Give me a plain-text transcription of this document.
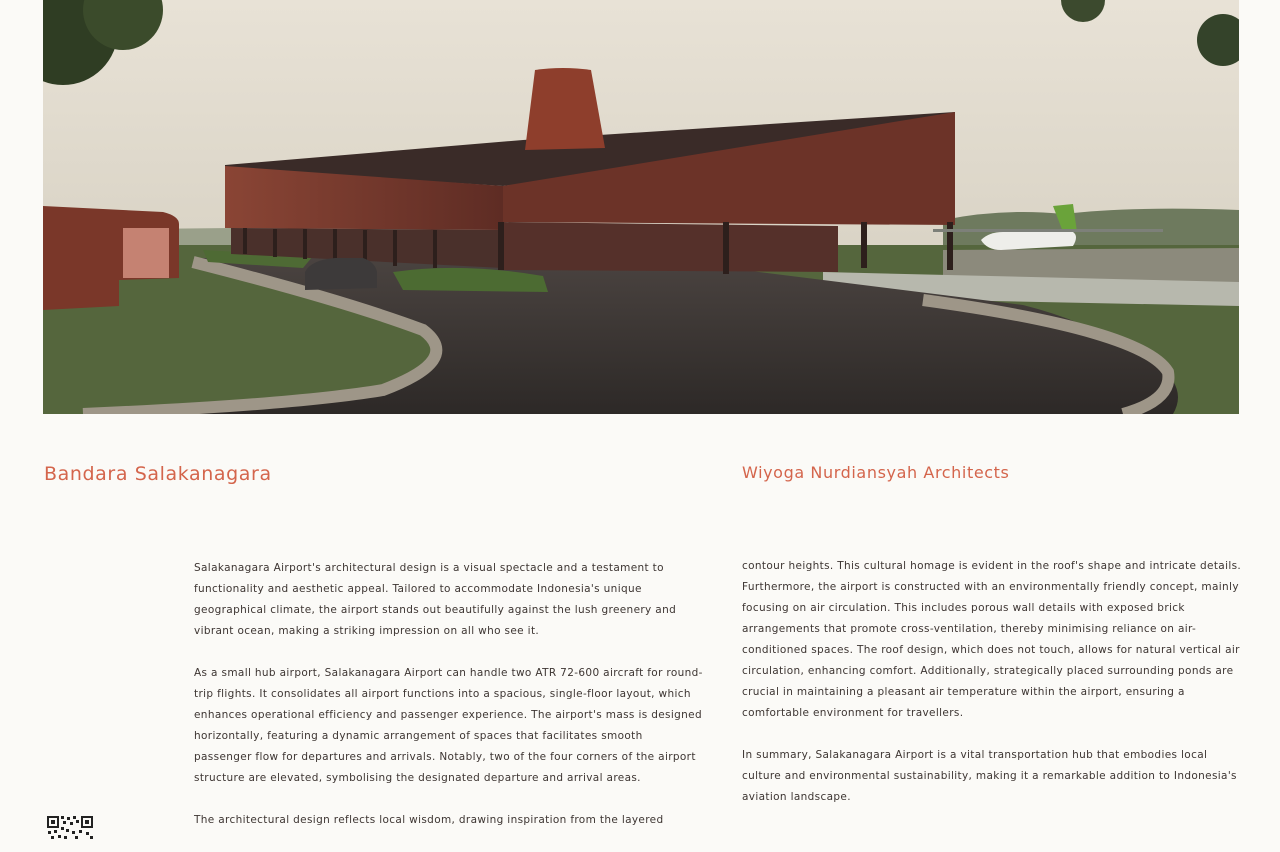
Bandara Salakanagara	Wiyoga Nurdiansyah Architects

Salakanagara Airport's architectural design is a visual spectacle and a testament to functionality and aesthetic appeal. Tailored to accommodate Indonesia's unique geographical climate, the airport stands out beautifully against the lush greenery and vibrant ocean, making a striking impression on all who see it.

As a small hub airport, Salakanagara Airport can handle two ATR 72-600 aircraft for round-trip flights. It consolidates all airport functions into a spacious, single-floor layout, which enhances operational efficiency and passenger experience. The airport's mass is designed horizontally, featuring a dynamic arrangement of spaces that facilitates smooth passenger flow for departures and arrivals. Notably, two of the four corners of the airport structure are elevated, symbolising the designated departure and arrival areas.

The architectural design reflects local wisdom, drawing inspiration from the layered

contour heights. This cultural homage is evident in the roof's shape and intricate details. Furthermore, the airport is constructed with an environmentally friendly concept, mainly focusing on air circulation. This includes porous wall details with exposed brick arrangements that promote cross-ventilation, thereby minimising reliance on air-conditioned spaces. The roof design, which does not touch, allows for natural vertical air circulation, enhancing comfort. Additionally, strategically placed surrounding ponds are crucial in maintaining a pleasant air temperature within the airport, ensuring a comfortable environment for travellers.

In summary, Salakanagara Airport is a vital transportation hub that embodies local culture and environmental sustainability, making it a remarkable addition to Indonesia's aviation landscape.
